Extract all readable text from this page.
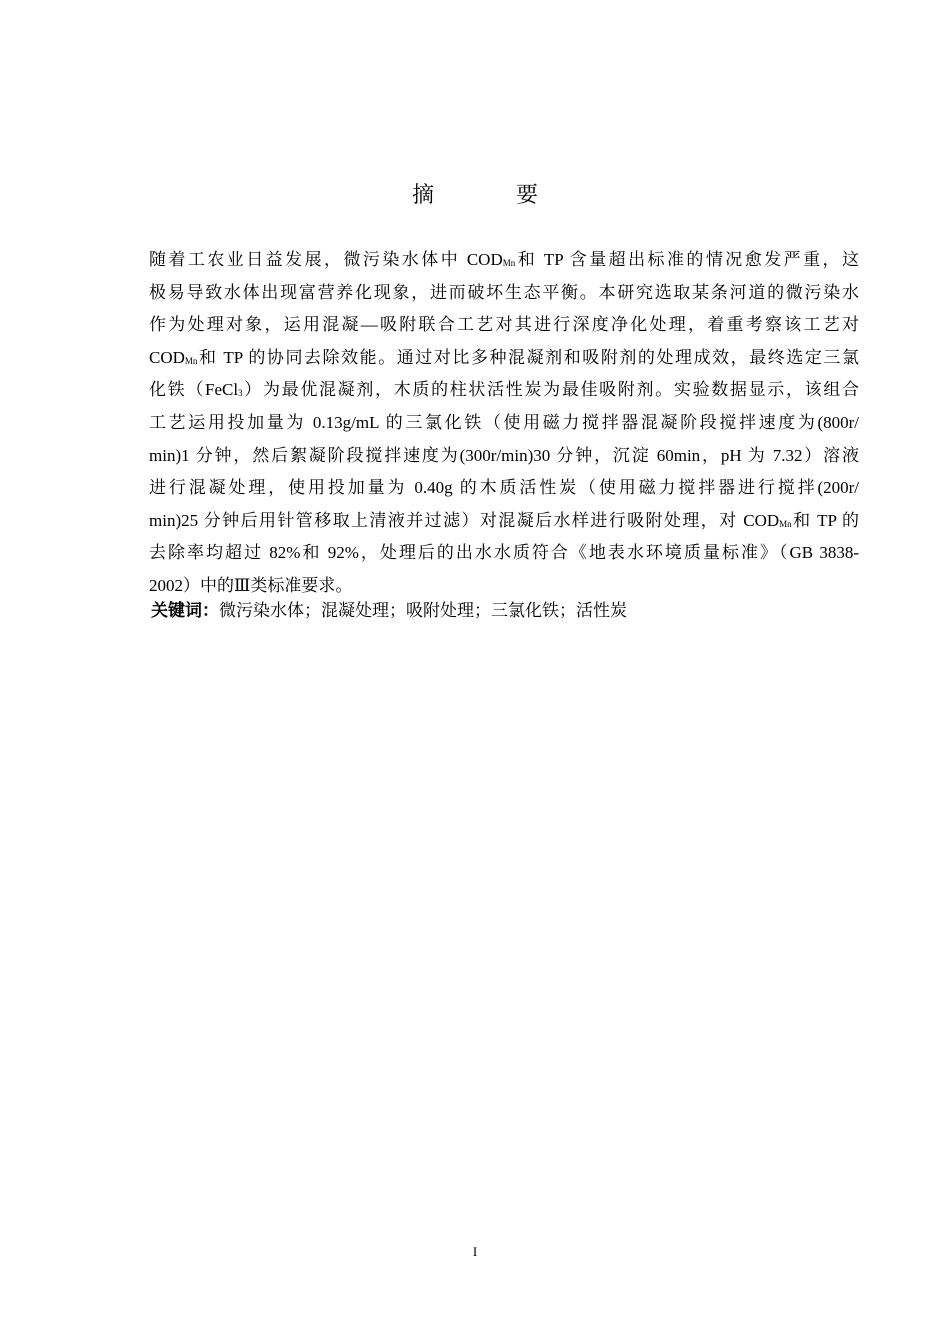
摘　要
随着工农业日益发展，微污染水体中 $COD_{Mn}$和 TP 含量超出标准的情况愈发严重，这
极易导致水体出现富营养化现象，进而破坏生态平衡。本研究选取某条河道的微污染水
作为处理对象，运用混凝—吸附联合工艺对其进行深度净化处理，着重考察该工艺对
$COD_{Mn}$和 TP 的协同去除效能。通过对比多种混凝剂和吸附剂的处理成效，最终选定三氯
化铁（FeCl$_3$）为最优混凝剂，木质的柱状活性炭为最佳吸附剂。实验数据显示，该组合
工艺运用投加量为 0.13g/mL 的三氯化铁（使用磁力搅拌器混凝阶段搅拌速度为(800r/
min)1 分钟，然后絮凝阶段搅拌速度为(300r/min)30 分钟，沉淀 60min，pH 为 7.32）溶液
进行混凝处理，使用投加量为 0.40g 的木质活性炭（使用磁力搅拌器进行搅拌(200r/
min)25 分钟后用针管移取上清液并过滤）对混凝后水样进行吸附处理，对 $COD_{Mn}$和 TP 的
去除率均超过 82%和 92%，处理后的出水水质符合《地表水环境质量标准》（GB 3838-
2002）中的Ⅲ类标准要求。
关键词：微污染水体；混凝处理；吸附处理；三氯化铁；活性炭
I
